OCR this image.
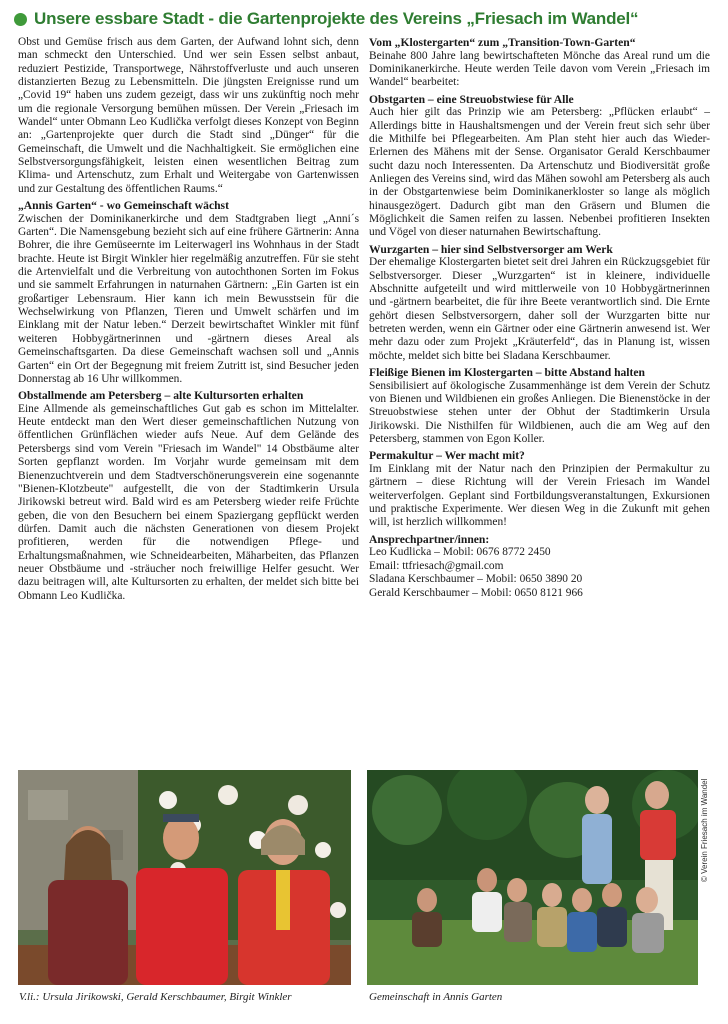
Unsere essbare Stadt - die Gartenprojekte des Vereins „Friesach im Wandel“

Obst und Gemüse frisch aus dem Garten, der Aufwand lohnt sich, denn man schmeckt den Unterschied. Und wer sein Essen selbst anbaut, reduziert Pestizide, Transportwege, Nährstoffverluste und auch unseren distanzierten Bezug zu Lebensmitteln. Die jüngsten Ereignisse rund um „Covid 19“ haben uns zudem gezeigt, dass wir uns zukünftig noch mehr um die regionale Versorgung bemühen müssen. Der Verein „Friesach im Wandel“ unter Obmann Leo Kudlička verfolgt dieses Konzept von Beginn an: „Gartenprojekte quer durch die Stadt sind „Dünger“ für die Gemeinschaft, die Umwelt und die Nachhaltigkeit. Sie ermöglichen eine Selbstversorgungsfähigkeit, leisten einen wesentlichen Beitrag zum Klima- und Artenschutz, zum Erhalt und Weitergabe von Gartenwissen und zur Gestaltung des öffentlichen Raums.“

„Annis Garten“ - wo Gemeinschaft wächst

Zwischen der Dominikanerkirche und dem Stadtgraben liegt „Anni´s Garten“. Die Namensgebung bezieht sich auf eine frühere Gärtnerin: Anna Bohrer, die ihre Gemüseernte im Leiterwagerl ins Wohnhaus in der Stadt brachte. Heute ist Birgit Winkler hier regelmäßig anzutreffen. Für sie steht die Artenvielfalt und die Verbreitung von autochthonen Sorten im Fokus und sie sammelt Erfahrungen in naturnahen Gärtnern: „Ein Garten ist ein großartiger Lebensraum. Hier kann ich mein Bewusstsein für die Wechselwirkung von Pflanzen, Tieren und Umwelt schärfen und im Einklang mit der Natur leben.“ Derzeit bewirtschaftet Winkler mit fünf weiteren Hobbygärtnerinnen und -gärtnern dieses Areal als Gemeinschaftsgarten. Da diese Gemeinschaft wachsen soll und „Annis Garten“ ein Ort der Begegnung mit freiem Zutritt ist, sind Besucher jeden Donnerstag ab 16 Uhr willkommen.

Obstallmende am Petersberg – alte Kultursorten erhalten

Eine Allmende als gemeinschaftliches Gut gab es schon im Mittelalter. Heute entdeckt man den Wert dieser gemeinschaftlichen Nutzung von öffentlichen Grünflächen wieder aufs Neue. Auf dem Gelände des Petersbergs sind vom Verein "Friesach im Wandel" 14 Obstbäume alter Sorten gepflanzt worden. Im Vorjahr wurde gemeinsam mit dem Bienenzuchtverein und dem Stadtverschönerungsverein eine sogenannte "Bienen-Klotzbeute" aufgestellt, die von der Stadtimkerin Ursula Jirikowski betreut wird. Bald wird es am Petersberg wieder reife Früchte geben, die von den Besuchern bei einem Spaziergang gepflückt werden dürfen. Damit auch die nächsten Generationen von diesem Projekt profitieren, werden für die notwendigen Pflege- und Erhaltungsmaßnahmen, wie Schneidearbeiten, Mäharbeiten, das Pflanzen neuer Obstbäume und -sträucher noch freiwillige Helfer gesucht. Wer dazu beitragen will, alte Kultursorten zu erhalten, der meldet sich bitte bei Obmann Leo Kudlička.

Vom „Klostergarten“ zum „Transition-Town-Garten“

Beinahe 800 Jahre lang bewirtschafteten Mönche das Areal rund um die Dominikanerkirche. Heute werden Teile davon vom Verein „Friesach im Wandel“ bearbeitet:

Obstgarten – eine Streuobstwiese für Alle

Auch hier gilt das Prinzip wie am Petersberg: „Pflücken erlaubt“ – Allerdings bitte in Haushaltsmengen und der Verein freut sich sehr über die Mithilfe bei Pflegearbeiten. Am Plan steht hier auch das Wieder-Erlernen des Mähens mit der Sense. Organisator Gerald Kerschbaumer sucht dazu noch Interessenten. Da Artenschutz und Biodiversität große Anliegen des Vereins sind, wird das Mähen sowohl am Petersberg als auch in der Obstgartenwiese beim Dominikanerkloster so lange als möglich hinausgezögert. Dadurch gibt man den Gräsern und Blumen die Möglichkeit die Samen reifen zu lassen. Nebenbei profitieren Insekten und Vögel von dieser naturnahen Bewirtschaftung.

Wurzgarten – hier sind Selbstversorger am Werk

Der ehemalige Klostergarten bietet seit drei Jahren ein Rückzugsgebiet für Selbstversorger. Dieser „Wurzgarten“ ist in kleinere, individuelle Abschnitte aufgeteilt und wird mittlerweile von 10 Hobbygärtnerinnen und -gärtnern bearbeitet, die für ihre Beete verantwortlich sind. Die Ernte gehört diesen Selbstversorgern, daher soll der Wurzgarten bitte nur betreten werden, wenn ein Gärtner oder eine Gärtnerin anwesend ist. Wer mehr dazu oder zum Projekt „Kräuterfeld“, das in Planung ist, wissen möchte, meldet sich bitte bei Sladana Kerschbaumer.

Fleißige Bienen im Klostergarten – bitte Abstand halten

Sensibilisiert auf ökologische Zusammenhänge ist dem Verein der Schutz von Bienen und Wildbienen ein großes Anliegen. Die Bienenstöcke in der Streuobstwiese stehen unter der Obhut der Stadtimkerin Ursula Jirikowski. Die Nisthilfen für Wildbienen, auch die am Weg auf den Petersberg, stammen von Egon Koller.

Permakultur – Wer macht mit?

Im Einklang mit der Natur nach den Prinzipien der Permakultur zu gärtnern – diese Richtung will der Verein Friesach im Wandel weiterverfolgen. Geplant sind Fortbildungsveranstaltungen, Exkursionen und praktische Experimente. Wer diesen Weg in die Zukunft mit gehen will, ist herzlich willkommen!

Ansprechpartner/innen:

Leo Kudlicka – Mobil: 0676 8772 2450

Email: ttfriesach@gmail.com

Sladana Kerschbaumer – Mobil: 0650 3890 20

Gerald Kerschbaumer – Mobil: 0650 8121 966

V.li.: Ursula Jirikowski, Gerald Kerschbaumer, Birgit Winkler	Gemeinschaft in Annis Garten
© Verein Friesach im Wandel
